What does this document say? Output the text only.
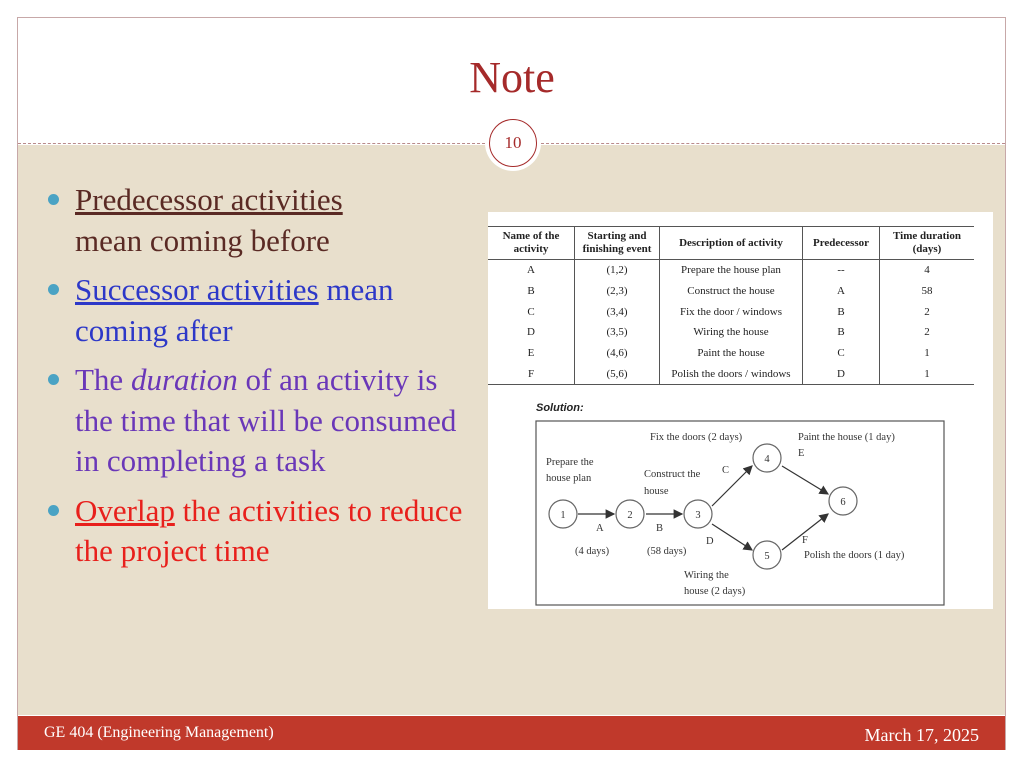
Note
10
Predecessor activities
mean coming before
Successor activities mean coming after
The duration of an activity is the time that will be consumed in completing a task
Overlap the activities to reduce the project time
Name of the activity	Starting and finishing event	Description of activity	Predecessor	Time duration (days)
A	(1,2)	Prepare the house plan	--	4
B	(2,3)	Construct the house	A	58
C	(3,4)	Fix the door / windows	B	2
D	(3,5)	Wiring the house	B	2
E	(4,6)	Paint the house	C	1
F	(5,6)	Polish the doors / windows	D	1
Solution:
1	2	3
4
5
6
Prepare the
house plan	Construct the
house
Fix the doors (2 days)	Paint the house (1 day)
Polish the doors (1 day)
Wiring the
house (2 days)
A	B
C
D
E
F
(4 days)	(58 days)
GE 404 (Engineering Management)	March 17, 2025
